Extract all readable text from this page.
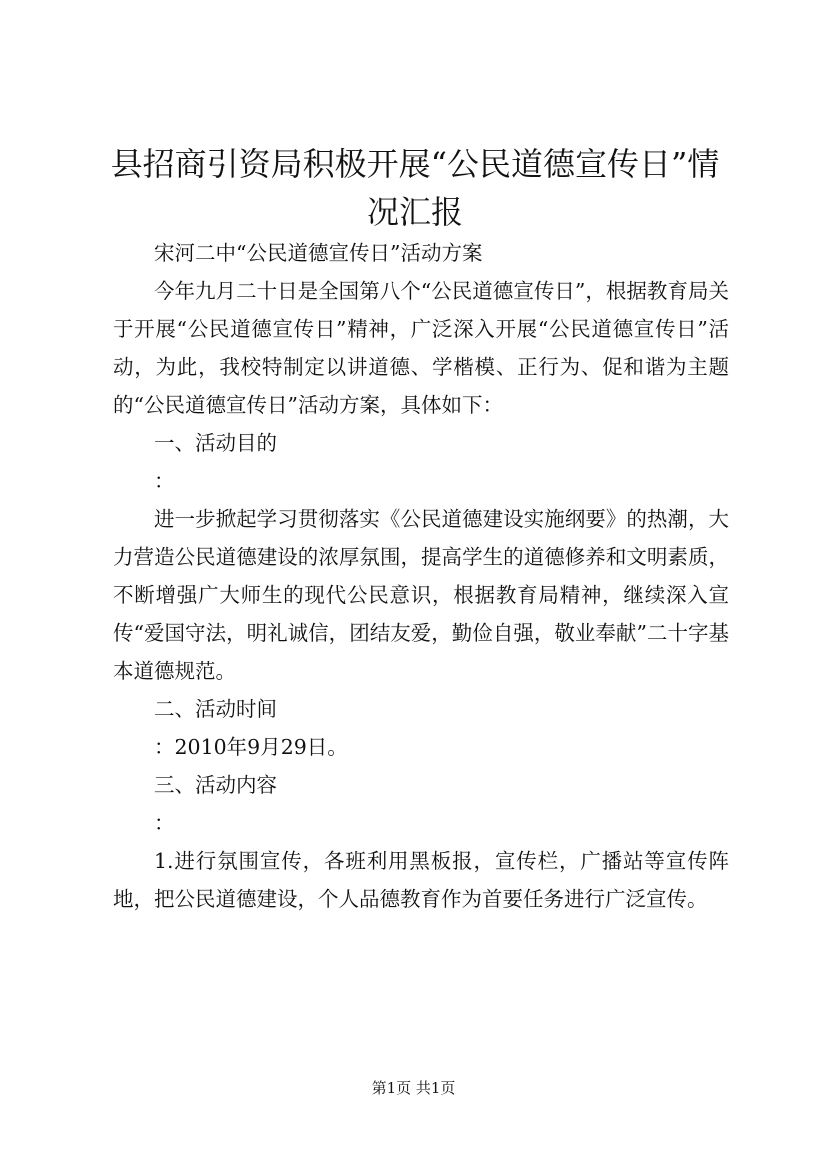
县招商引资局积极开展“公民道德宣传日”情况汇报

宋河二中“公民道德宣传日”活动方案

今年九月二十日是全国第八个“公民道德宣传日”，根据教育局关于开展“公民道德宣传日”精神，广泛深入开展“公民道德宣传日”活动，为此，我校特制定以讲道德、学楷模、正行为、促和谐为主题的“公民道德宣传日”活动方案，具体如下：

一、活动目的

：

进一步掀起学习贯彻落实《公民道德建设实施纲要》的热潮，大力营造公民道德建设的浓厚氛围，提高学生的道德修养和文明素质，不断增强广大师生的现代公民意识，根据教育局精神，继续深入宣传“爱国守法，明礼诚信，团结友爱，勤俭自强，敬业奉献”二十字基本道德规范。

二、活动时间

：2010年9月29日。

三、活动内容

：

1.进行氛围宣传，各班利用黑板报，宣传栏，广播站等宣传阵地，把公民道德建设，个人品德教育作为首要任务进行广泛宣传。

第1页 共1页
